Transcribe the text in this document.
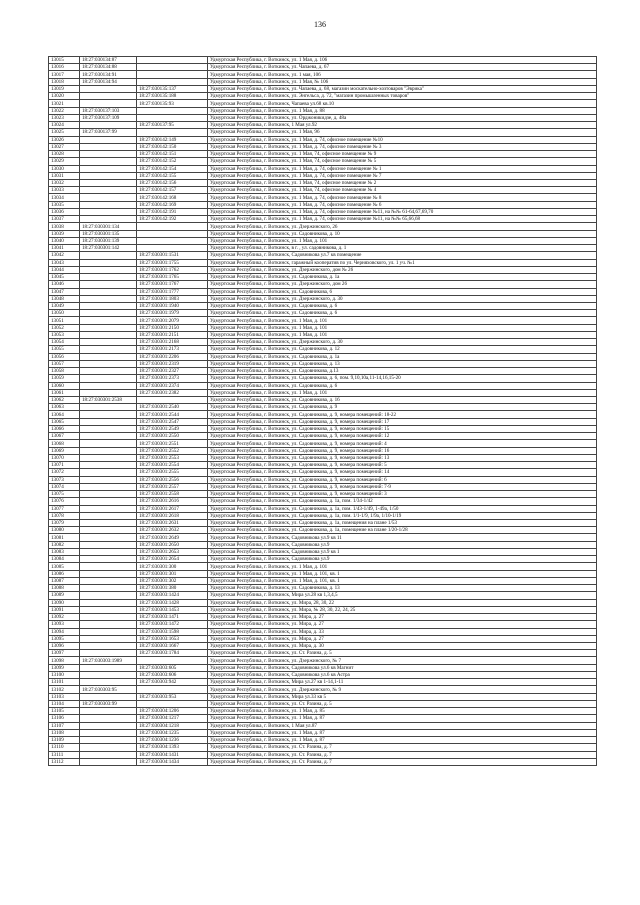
136
13015	18:27:030134:87		Удмуртская Республика, г. Воткинск, ул. 1 Мая, д. 106
13016	18:27:030134:88		Удмуртская Республика, г. Воткинск, ул. Чапаева, д. 67
13017	18:27:030134:91		Удмуртская Республика, г. Воткинск, ул. 1 мая, 106
13018	18:27:030134:94		Удмуртская Республика, г. Воткинск, ул. 1 Мая, № 106
13019		18:27:030135:137	Удмуртская Республика, г. Воткинск, ул. Чапаева, д. 68, магазин москательно-хозтоваров "Эврика"
13020		18:27:030135:188	Удмуртская Республика, г. Воткинск, ул. Энгельса, д. 72, "магазин промышленных товаров"
13021		18:27:030135:93	Удмуртская Республика, г. Воткинск, Чапаева ул.68 кв.10
13022	18:27:030137:103		Удмуртская Республика, г. Воткинск, ул. 1 Мая, д. 88
13023	18:27:030137:109		Удмуртская Республика, г. Воткинск, ул. Орджоникидзе, д. 48а
13024		18:27:030137:95	Удмуртская Республика, г. Воткинск, 1 Мая ул.92
13025	18:27:030137:99		Удмуртская Республика, г. Воткинск, ул. 1 Мая, 96
13026		18:27:030142:149	Удмуртская Республика, г. Воткинск, ул. 1 Мая, д. 74, офисное помещение №10
13027		18:27:030142:150	Удмуртская Республика, г. Воткинск, ул. 1 Мая, д. 74, офисное помещение № 3
13028		18:27:030142:151	Удмуртская Республика, г. Воткинск, ул. 1 Мая, 74, офисное помещение № 9
13029		18:27:030142:152	Удмуртская Республика, г. Воткинск, ул. 1 Мая, 74, офисное помещение № 5
13030		18:27:030142:154	Удмуртская Республика, г. Воткинск, ул. 1 Мая, д. 74, офисное помещение № 1
13031		18:27:030142:155	Удмуртская Республика, г. Воткинск, ул. 1 Мая, д. 74, офисное помещение № 7
13032		18:27:030142:156	Удмуртская Республика, г. Воткинск, ул. 1 Мая, 74, офисное помещение № 2
13033		18:27:030142:157	Удмуртская Республика, г. Воткинск, ул. 1 Мая, 74, офисное помещение № 4
13034		18:27:030142:168	Удмуртская Республика, г. Воткинск, ул. 1 Мая, д. 74, офисное помещение № 8
13035		18:27:030142:169	Удмуртская Республика, г. Воткинск, ул. 1 Мая, д. 74, офисное помещение № 6
13036		18:27:030142:191	Удмуртская Республика, г. Воткинск, ул. 1 Мая, д. 74, офисное помещение №11, на №№ 61-64,67,69,70
13037		18:27:030142:192	Удмуртская Республика, г. Воткинск, ул. 1 Мая, д. 74, офисное помещение №11, на №№ 65,66,68
13038	18:27:030301:134		Удмуртская Республика, г. Воткинск, ул. Дзержинского, 26
13039	18:27:030301:135		Удмуртская Республика, г. Воткинск, ул. Садовникова, д. 10
13040	18:27:030301:139		Удмуртская Республика, г. Воткинск, ул. 1 Мая, д. 101
13041	18:27:030301:142		Удмуртская Республика, г. Воткинск, в г. , ул. садовникова, д. 1
13042		18:27:030301:1531	Удмуртская Республика, г. Воткинск, Садовникова ул.7 кв помещение
13043		18:27:030301:1755	Удмуртская Республика, г. Воткинск, гаражный кооператив по ул. Черняховского, ул. 1 уч. №1
13044		18:27:030301:1762	Удмуртская Республика, г. Воткинск, ул. Дзержинского, дом № 26
13045		18:27:030301:1765	Удмуртская Республика, г. Воткинск, ул. Садовникова, д. 1а
13046		18:27:030301:1767	Удмуртская Республика, г. Воткинск, ул. Дзержинского, дом 26
13047		18:27:030301:1777	Удмуртская Республика, г. Воткинск, ул. Садовникова, 6
13048		18:27:030301:1803	Удмуртская Республика, г. Воткинск, ул. Дзержинского, д. 30
13049		18:27:030301:1940	Удмуртская Республика, г. Воткинск, ул. Садовникова, д. 6
13050		18:27:030301:1979	Удмуртская Республика, г. Воткинск, ул. Садовникова, д. 6
13051		18:27:030301:2079	Удмуртская Республика, г. Воткинск, ул. 1 Мая, д. 101
13052		18:27:030301:2150	Удмуртская Республика, г. Воткинск, ул. 1 Мая, д. 101
13053		18:27:030301:2151	Удмуртская Республика, г. Воткинск, ул. 1 Мая, д. 101
13054		18:27:030301:2168	Удмуртская Республика, г. Воткинск, ул. Дзержинского, д. 30
13055		18:27:030301:2173	Удмуртская Республика, г. Воткинск, ул. Садовникова, д. 12
13056		18:27:030301:2206	Удмуртская Республика, г. Воткинск, ул. Садовникова, д. 1а
13057		18:27:030301:2319	Удмуртская Республика, г. Воткинск, ул. Садовникова, д. 13
13058		18:27:030301:2327	Удмуртская Республика, г. Воткинск, ул. Садовникова, д.13
13059		18:27:030301:2373	Удмуртская Республика, г. Воткинск, ул. Садовникова, д. 6, пом. 9,10,10а,11-14,16,15-20
13060		18:27:030301:2374	Удмуртская Республика, г. Воткинск, ул. Садовникова, д. 6
13061		18:27:030301:2382	Удмуртская Республика, г. Воткинск, ул. 1 Мая, д. 101
13062	18:27:030301:2538		Удмуртская Республика, г. Воткинск, ул. Садовникова, д. 16
13063		18:27:030301:2540	Удмуртская Республика, г. Воткинск, ул. Садовникова, д. 9
13064		18:27:030301:2544	Удмуртская Республика, г. Воткинск, ул. Садовникова, д. 9, номера помещений: 18-22
13065		18:27:030301:2547	Удмуртская Республика, г. Воткинск, ул. Садовникова, д. 9, номера помещений: 17
13066		18:27:030301:2549	Удмуртская Республика, г. Воткинск, ул. Садовникова, д. 9, номера помещений: 15
13067		18:27:030301:2550	Удмуртская Республика, г. Воткинск, ул. Садовникова, д. 9, номера помещений: 12
13068		18:27:030301:2551	Удмуртская Республика, г. Воткинск, ул. Садовникова, д. 9, номера помещений: 4
13069		18:27:030301:2552	Удмуртская Республика, г. Воткинск, ул. Садовникова, д. 9, номера помещений: 16
13070		18:27:030301:2553	Удмуртская Республика, г. Воткинск, ул. Садовникова, д. 9, номера помещений: 13
13071		18:27:030301:2554	Удмуртская Республика, г. Воткинск, ул. Садовникова, д. 9, номера помещений: 5
13072		18:27:030301:2555	Удмуртская Республика, г. Воткинск, ул. Садовникова, д. 9, номера помещений: 14
13073		18:27:030301:2556	Удмуртская Республика, г. Воткинск, ул. Садовникова, д. 9, номера помещений: 6
13074		18:27:030301:2557	Удмуртская Республика, г. Воткинск, ул. Садовникова, д. 9, номера помещений: 7-9
13075		18:27:030301:2558	Удмуртская Республика, г. Воткинск, ул. Садовникова, д. 9, номера помещений: 3
13076		18:27:030301:2616	Удмуртская Республика, г. Воткинск, ул. Садовникова, д. 1а, пом. 1/34-1/42
13077		18:27:030301:2617	Удмуртская Республика, г. Воткинск, ул. Садовникова, д. 1а, пом. 1/43-1/49, 1-49а, 1/50
13078		18:27:030301:2618	Удмуртская Республика, г. Воткинск, ул. Садовникова, д. 1а, пом. 1/1-1/9, 1/9а, 1/10-1/19
13079		18:27:030301:2631	Удмуртская Республика, г. Воткинск, ул. Садовникова, д. 1а, помещения на плане 1/53
13080		18:27:030301:2632	Удмуртская Республика, г. Воткинск, ул. Садовникова, д. 1а, помещение на плане 1/20-1/28
13081		18:27:030301:2649	Удмуртская Республика, г. Воткинск, Садовникова ул.9 кв 11
13082		18:27:030301:2650	Удмуртская Республика, г. Воткинск, Садовникова ул.9
13083		18:27:030301:2653	Удмуртская Республика, г. Воткинск, Садовникова ул.9 кв 1
13084		18:27:030301:2654	Удмуртская Республика, г. Воткинск, Садовникова ул.9
13085		18:27:030301:300	Удмуртская Республика, г. Воткинск, ул. 1 Мая, д. 101
13086		18:27:030301:301	Удмуртская Республика, г. Воткинск, ул. 1 Мая, д. 101, кв. 1
13087		18:27:030301:302	Удмуртская Республика, г. Воткинск, ул. 1 Мая, д. 101, кв. 1
13088		18:27:030301:380	Удмуртская Республика, г. Воткинск, ул. Садовникова, д. 13
13089		18:27:030303:1424	Удмуртская Республика, г. Воткинск, Мира ул.28 кв 1,3,4,5
13090		18:27:030303:1428	Удмуртская Республика, г. Воткинск, ул. Мира, 28, 30, 22
13091		18:27:030303:1453	Удмуртская Республика, г. Воткинск, ул. Мира, № 28, 30, 22, 24, 25
13092		18:27:030303:1471	Удмуртская Республика, г. Воткинск, ул. Мира, д. 27
13093		18:27:030303:1472	Удмуртская Республика, г. Воткинск, ул. Мира, д. 27
13094		18:27:030303:1598	Удмуртская Республика, г. Воткинск, ул. Мира, д. 33
13095		18:27:030303:1653	Удмуртская Республика, г. Воткинск, ул. Мира, д. 27
13096		18:27:030303:1667	Удмуртская Республика, г. Воткинск, ул. Мира, д. 30
13097		18:27:030303:1784	Удмуртская Республика, г. Воткинск, ул. Ст. Разина, д. 5
13098	18:27:030303:1989		Удмуртская Республика, г. Воткинск, ул. Дзержинского, № 7
13099		18:27:030303:605	Удмуртская Республика, г. Воткинск, Садовникова ул.6 кв Магнит
13100		18:27:030303:606	Удмуртская Республика, г. Воткинск, Садовникова ул.6 кв Астра
13101		18:27:030303:942	Удмуртская Республика, г. Воткинск, Мира ул.27 кв 1-14,1-11
13102	18:27:030303:95		Удмуртская Республика, г. Воткинск, ул. Дзержинского, № 9
13103		18:27:030303:953	Удмуртская Республика, г. Воткинск, Мира ул.33 кв 5
13104	18:27:030303:99		Удмуртская Республика, г. Воткинск, ул. Ст. Разина, д. 5
13105		18:27:030304:1206	Удмуртская Республика, г. Воткинск, ул. 1 Мая, д. 85
13106		18:27:030304:1217	Удмуртская Республика, г. Воткинск, ул. 1 Мая, д. 87
13107		18:27:030304:1218	Удмуртская Республика, г. Воткинск, 1 Мая ул.87
13108		18:27:030304:1235	Удмуртская Республика, г. Воткинск, ул. 1 Мая, д. 87
13109		18:27:030304:1236	Удмуртская Республика, г. Воткинск, ул. 1 Мая, д. 87
13110		18:27:030304:1393	Удмуртская Республика, г. Воткинск, ул. Ст. Разина, д. 7
13111		18:27:030304:1431	Удмуртская Республика, г. Воткинск, ул. Ст. Разина, д. 7
13112		18:27:030304:1434	Удмуртская Республика, г. Воткинск, ул. Ст. Разина, д. 7
